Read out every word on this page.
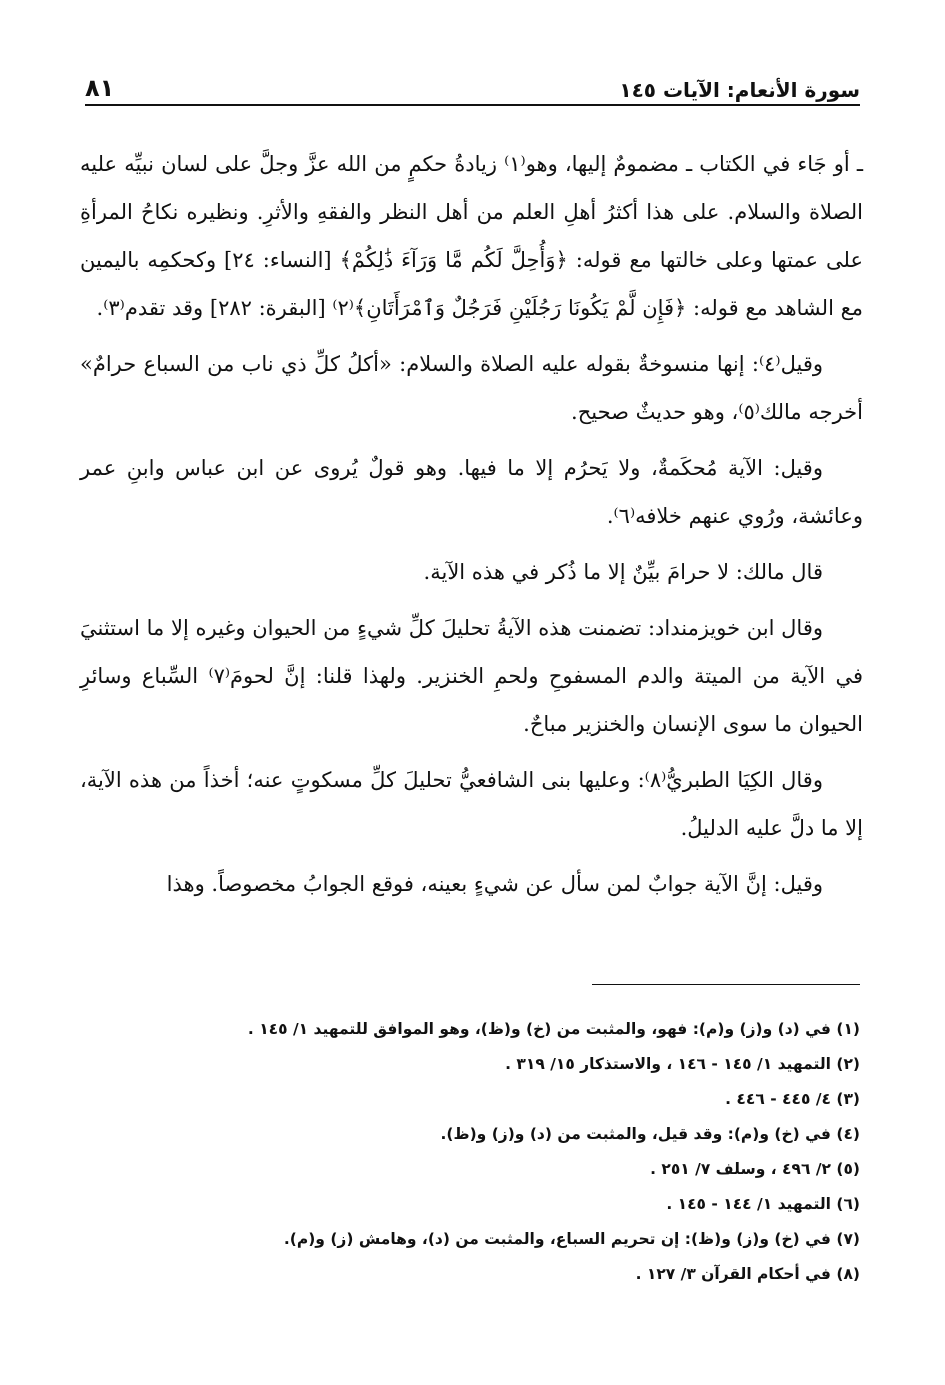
سورة الأنعام: الآيات ١٤٥
٨١

ـ أو جَاء في الكتاب ـ مضمومٌ إليها، وهو⁽١⁾ زيادةُ حكمٍ من الله عزَّ وجلَّ على لسان نبيِّه عليه الصلاة والسلام. على هذا أكثرُ أهلِ العلم من أهل النظر والفقهِ والأثرِ. ونظيره نكاحُ المرأةِ على عمتها وعلى خالتها مع قوله: ﴿وَأُحِلَّ لَكُم مَّا وَرَآءَ ذَٰلِكُمْ﴾ [النساء: ٢٤] وكحكمِه باليمين مع الشاهد مع قوله: ﴿فَإِن لَّمْ يَكُونَا رَجُلَيْنِ فَرَجُلٌ وَٱمْرَأَتَانِ﴾⁽٢⁾ [البقرة: ٢٨٢] وقد تقدم⁽٣⁾.

وقيل⁽٤⁾: إنها منسوخةٌ بقوله عليه الصلاة والسلام: «أكلُ كلِّ ذي ناب من السباع حرامٌ» أخرجه مالك⁽٥⁾، وهو حديثٌ صحيح.

وقيل: الآية مُحكَمةٌ، ولا يَحرُم إلا ما فيها. وهو قولٌ يُروى عن ابن عباس وابنِ عمر وعائشة، ورُوي عنهم خلافه⁽٦⁾.

قال مالك: لا حرامَ بيِّنٌ إلا ما ذُكر في هذه الآية.

وقال ابن خويزمنداد: تضمنت هذه الآيةُ تحليلَ كلِّ شيءٍ من الحيوان وغيره إلا ما استثنيَ في الآية من الميتة والدم المسفوحِ ولحمِ الخنزير. ولهذا قلنا: إنَّ لحومَ⁽٧⁾ السِّباع وسائرِ الحيوان ما سوى الإنسان والخنزير مباحٌ.

وقال الكِيَا الطبريُّ⁽٨⁾: وعليها بنى الشافعيُّ تحليلَ كلِّ مسكوتٍ عنه؛ أخذاً من هذه الآية، إلا ما دلَّ عليه الدليلُ.

وقيل: إنَّ الآية جوابٌ لمن سأل عن شيءٍ بعينه، فوقع الجوابُ مخصوصاً. وهذا

(١) في (د) و(ز) و(م): فهو، والمثبت من (خ) و(ظ)، وهو الموافق للتمهيد ١/ ١٤٥ .
(٢) التمهيد ١/ ١٤٥ - ١٤٦ ، والاستذكار ١٥/ ٣١٩ .
(٣) ٤/ ٤٤٥ - ٤٤٦ .
(٤) في (خ) و(م): وقد قيل، والمثبت من (د) و(ز) و(ظ).
(٥) ٢/ ٤٩٦ ، وسلف ٧/ ٢٥١ .
(٦) التمهيد ١/ ١٤٤ - ١٤٥ .
(٧) في (خ) و(ز) و(ظ): إن تحريم السباع، والمثبت من (د)، وهامش (ز) و(م).
(٨) في أحكام القرآن ٣/ ١٢٧ .
